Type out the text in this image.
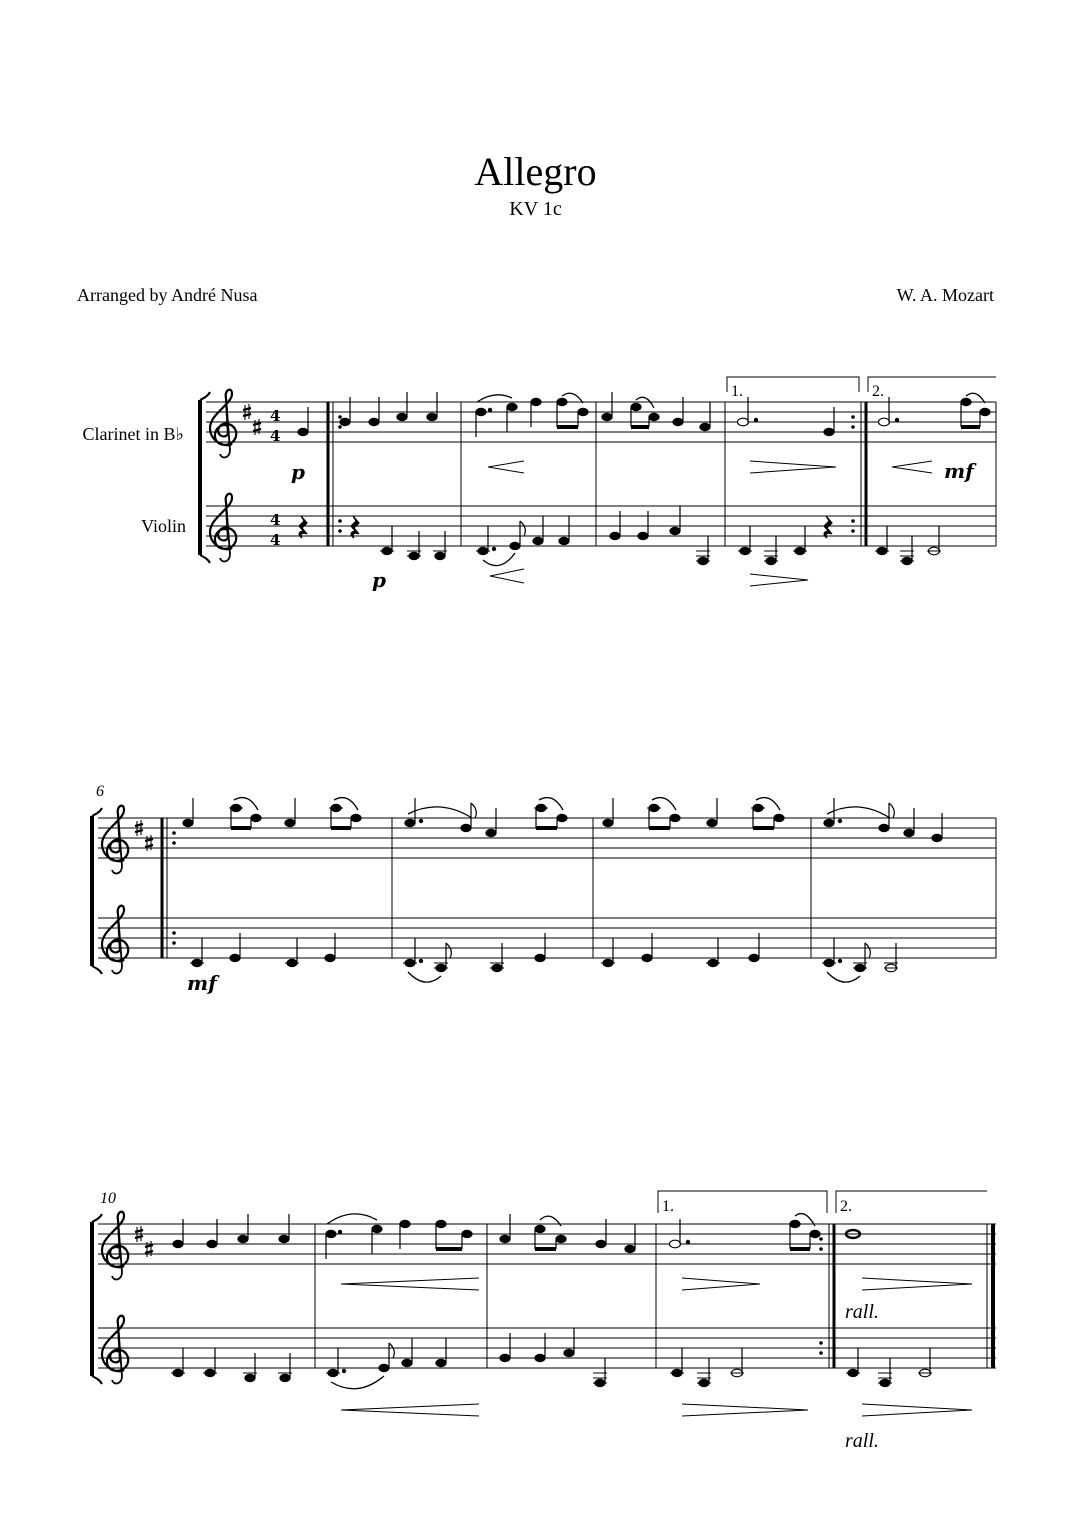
Allegro
KV 1c
Arranged by André Nusa	W. A. Mozart
Clarinet in B♭
Violin
4
4
4
4
1.	2.
p	mf
p
6
mf
10	1.	2.
rall.
rall.
